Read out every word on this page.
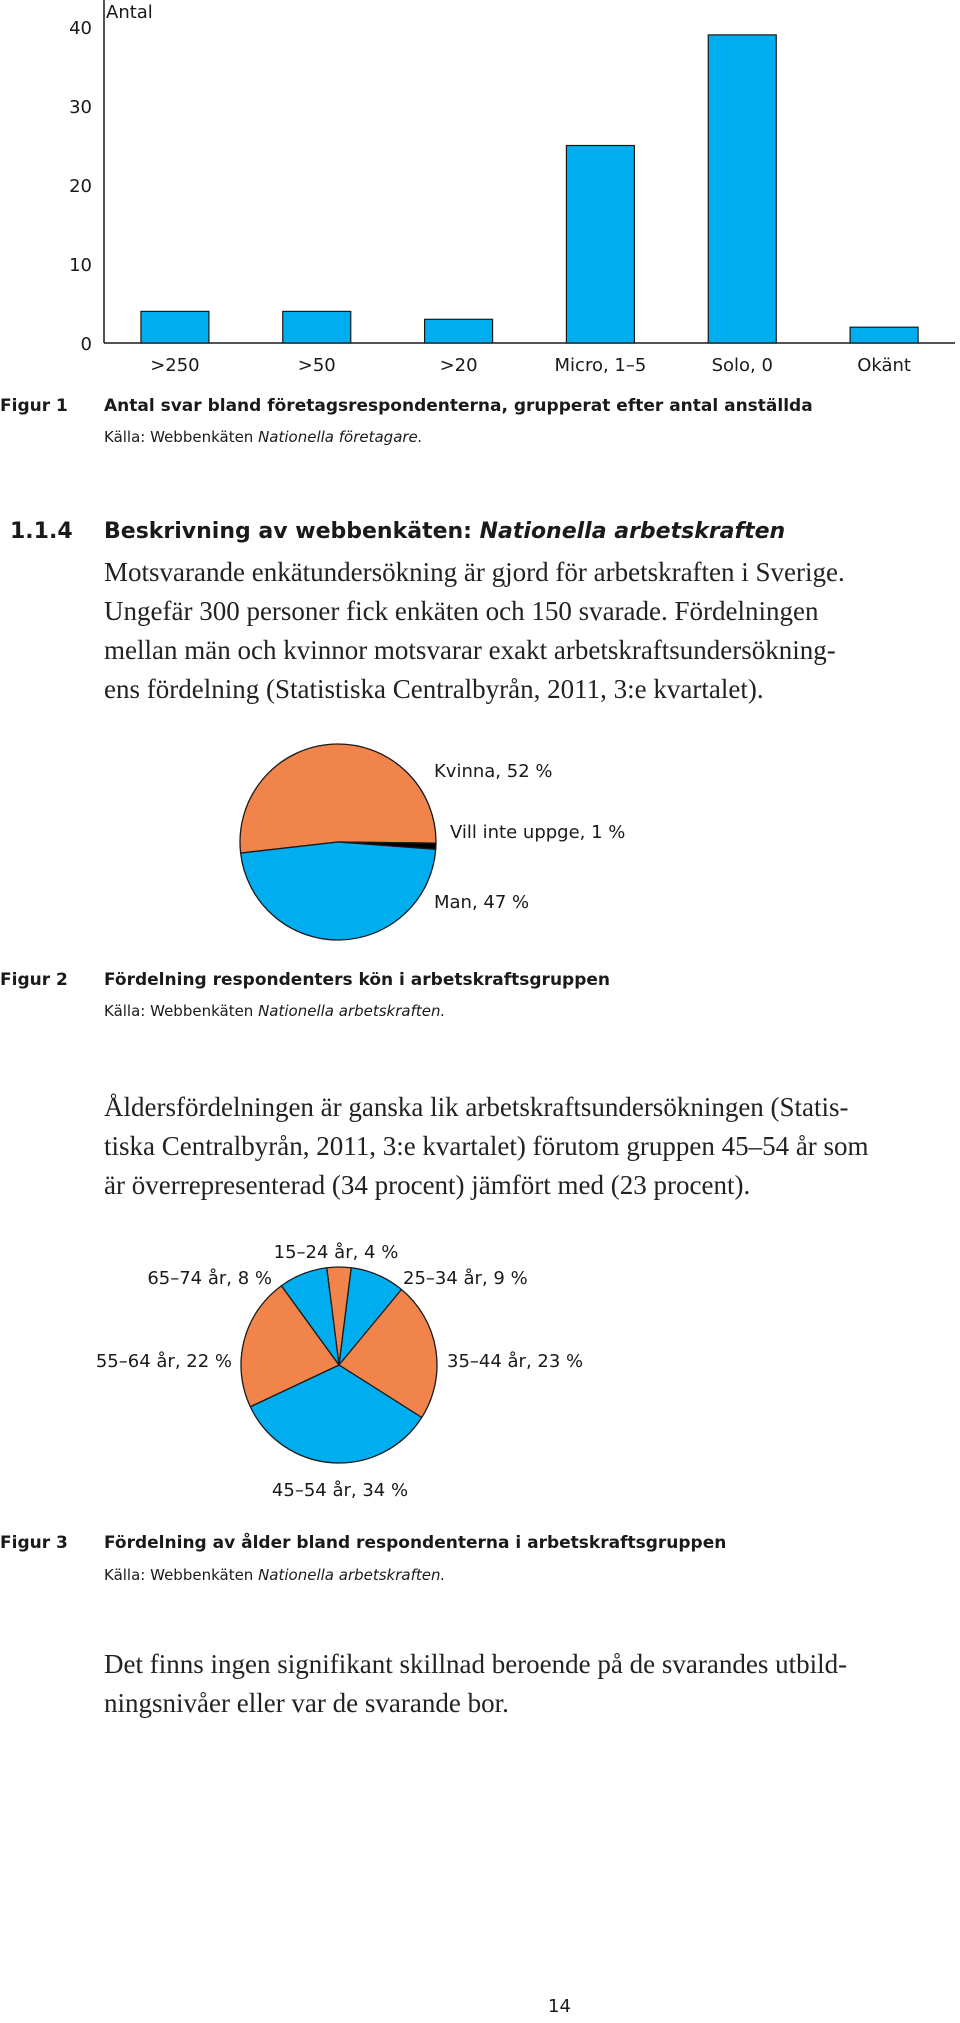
0
10
20
30
40
>250	>50	>20	Micro, 1–5	Solo, 0	Okänt
Antal
Figur 1 Antal svar bland företagsrespondenterna, grupperat efter antal anställda
Källa: Webbenkäten Nationella företagare.
1.1.4 Beskrivning av webbenkäten: Nationella arbetskraften
Motsvarande enkätundersökning är gjord för arbetskraften i Sverige.
Ungefär 300 personer fick enkäten och 150 svarade. Fördelningen
mellan män och kvinnor motsvarar exakt arbetskraftsundersökning-
ens fördelning (Statistiska Centralbyrån, 2011, 3:e kvartalet).
Kvinna, 52 %
Vill inte uppge, 1 %
Man, 47 %
Figur 2 Fördelning respondenters kön i arbetskraftsgruppen
Källa: Webbenkäten Nationella arbetskraften.
Åldersfördelningen är ganska lik arbetskraftsundersökningen (Statis-
tiska Centralbyrån, 2011, 3:e kvartalet) förutom gruppen 45–54 år som
är överrepresenterad (34 procent) jämfört med (23 procent).
15–24 år, 4 %
25–34 år, 9 %
35–44 år, 23 %
45–54 år, 34 %
55–64 år, 22 %
65–74 år, 8 %
Figur 3 Fördelning av ålder bland respondenterna i arbetskraftsgruppen
Källa: Webbenkäten Nationella arbetskraften.
Det finns ingen signifikant skillnad beroende på de svarandes utbild-
ningsnivåer eller var de svarande bor.
14
